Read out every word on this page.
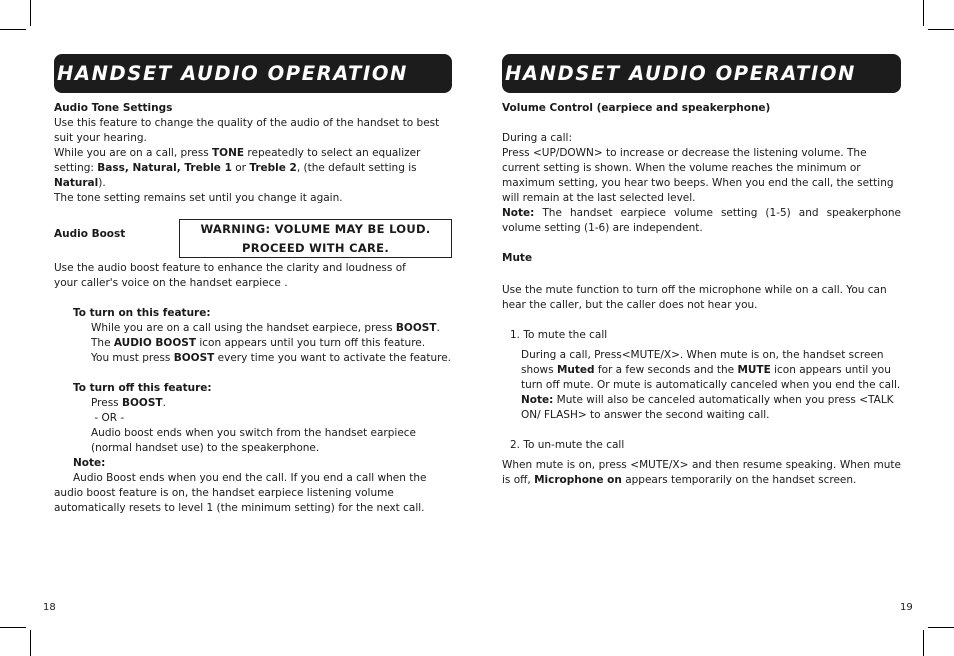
HANDSET AUDIO OPERATION
Audio Tone Settings
Use this feature to change the quality of the audio of the handset to best suit your hearing.
While you are on a call, press TONE repeatedly to select an equalizer setting: Bass, Natural, Treble 1 or Treble 2, (the default setting is Natural).
The tone setting remains set until you change it again.
Audio Boost	WARNING: VOLUME MAY BE LOUD.
PROCEED WITH CARE.
Use the audio boost feature to enhance the clarity and loudness of your caller's voice on the handset earpiece .
To turn on this feature:
While you are on a call using the handset earpiece, press BOOST. The AUDIO BOOST icon appears until you turn off this feature.
You must press BOOST every time you want to activate the feature.
To turn off this feature:
Press BOOST.
- OR -
Audio boost ends when you switch from the handset earpiece (normal handset use) to the speakerphone.
Note:
Audio Boost ends when you end the call. If you end a call when the audio boost feature is on, the handset earpiece listening volume automatically resets to level 1 (the minimum setting) for the next call.
18
HANDSET AUDIO OPERATION
Volume Control (earpiece and speakerphone)
During a call:
Press <UP/DOWN> to increase or decrease the listening volume. The current setting is shown. When the volume reaches the minimum or maximum setting, you hear two beeps. When you end the call, the setting will remain at the last selected level.
Note: The handset earpiece volume setting (1-5) and speakerphone volume setting (1-6) are independent.
Mute
Use the mute function to turn off the microphone while on a call. You can hear the caller, but the caller does not hear you.
1. To mute the call
During a call, Press<MUTE/X>. When mute is on, the handset screen shows Muted for a few seconds and the MUTE icon appears until you turn off mute. Or mute is automatically canceled when you end the call.
Note: Mute will also be canceled automatically when you press <TALK ON/ FLASH> to answer the second waiting call.
2. To un-mute the call
When mute is on, press <MUTE/X> and then resume speaking. When mute is off, Microphone on appears temporarily on the handset screen.
19
